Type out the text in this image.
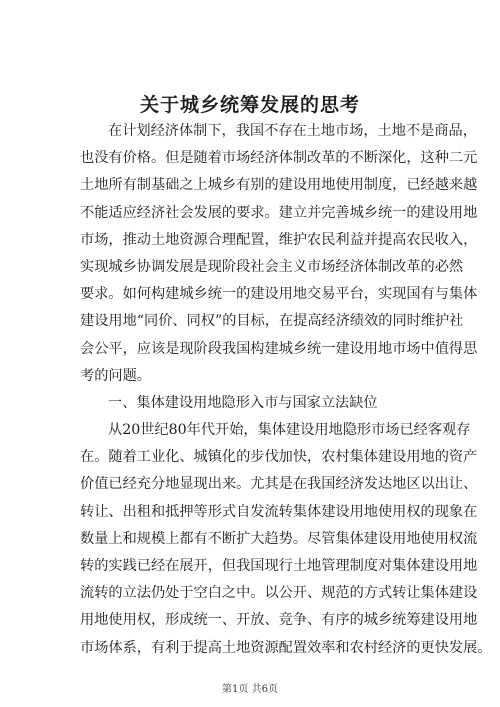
关于城乡统筹发展的思考
在计划经济体制下，我国不存在土地市场，土地不是商品，
也没有价格。但是随着市场经济体制改革的不断深化，这种二元
土地所有制基础之上城乡有别的建设用地使用制度，已经越来越
不能适应经济社会发展的要求。建立并完善城乡统一的建设用地
市场，推动土地资源合理配置，维护农民利益并提高农民收入，
实现城乡协调发展是现阶段社会主义市场经济体制改革的必然
要求。如何构建城乡统一的建设用地交易平台，实现国有与集体
建设用地“同价、同权”的目标，在提高经济绩效的同时维护社
会公平，应该是现阶段我国构建城乡统一建设用地市场中值得思
考的问题。
一、集体建设用地隐形入市与国家立法缺位
从20世纪80年代开始，集体建设用地隐形市场已经客观存
在。随着工业化、城镇化的步伐加快，农村集体建设用地的资产
价值已经充分地显现出来。尤其是在我国经济发达地区以出让、
转让、出租和抵押等形式自发流转集体建设用地使用权的现象在
数量上和规模上都有不断扩大趋势。尽管集体建设用地使用权流
转的实践已经在展开，但我国现行土地管理制度对集体建设用地
流转的立法仍处于空白之中。以公开、规范的方式转让集体建设
用地使用权，形成统一、开放、竞争、有序的城乡统筹建设用地
市场体系，有利于提高土地资源配置效率和农村经济的更快发展。
第1页 共6页
